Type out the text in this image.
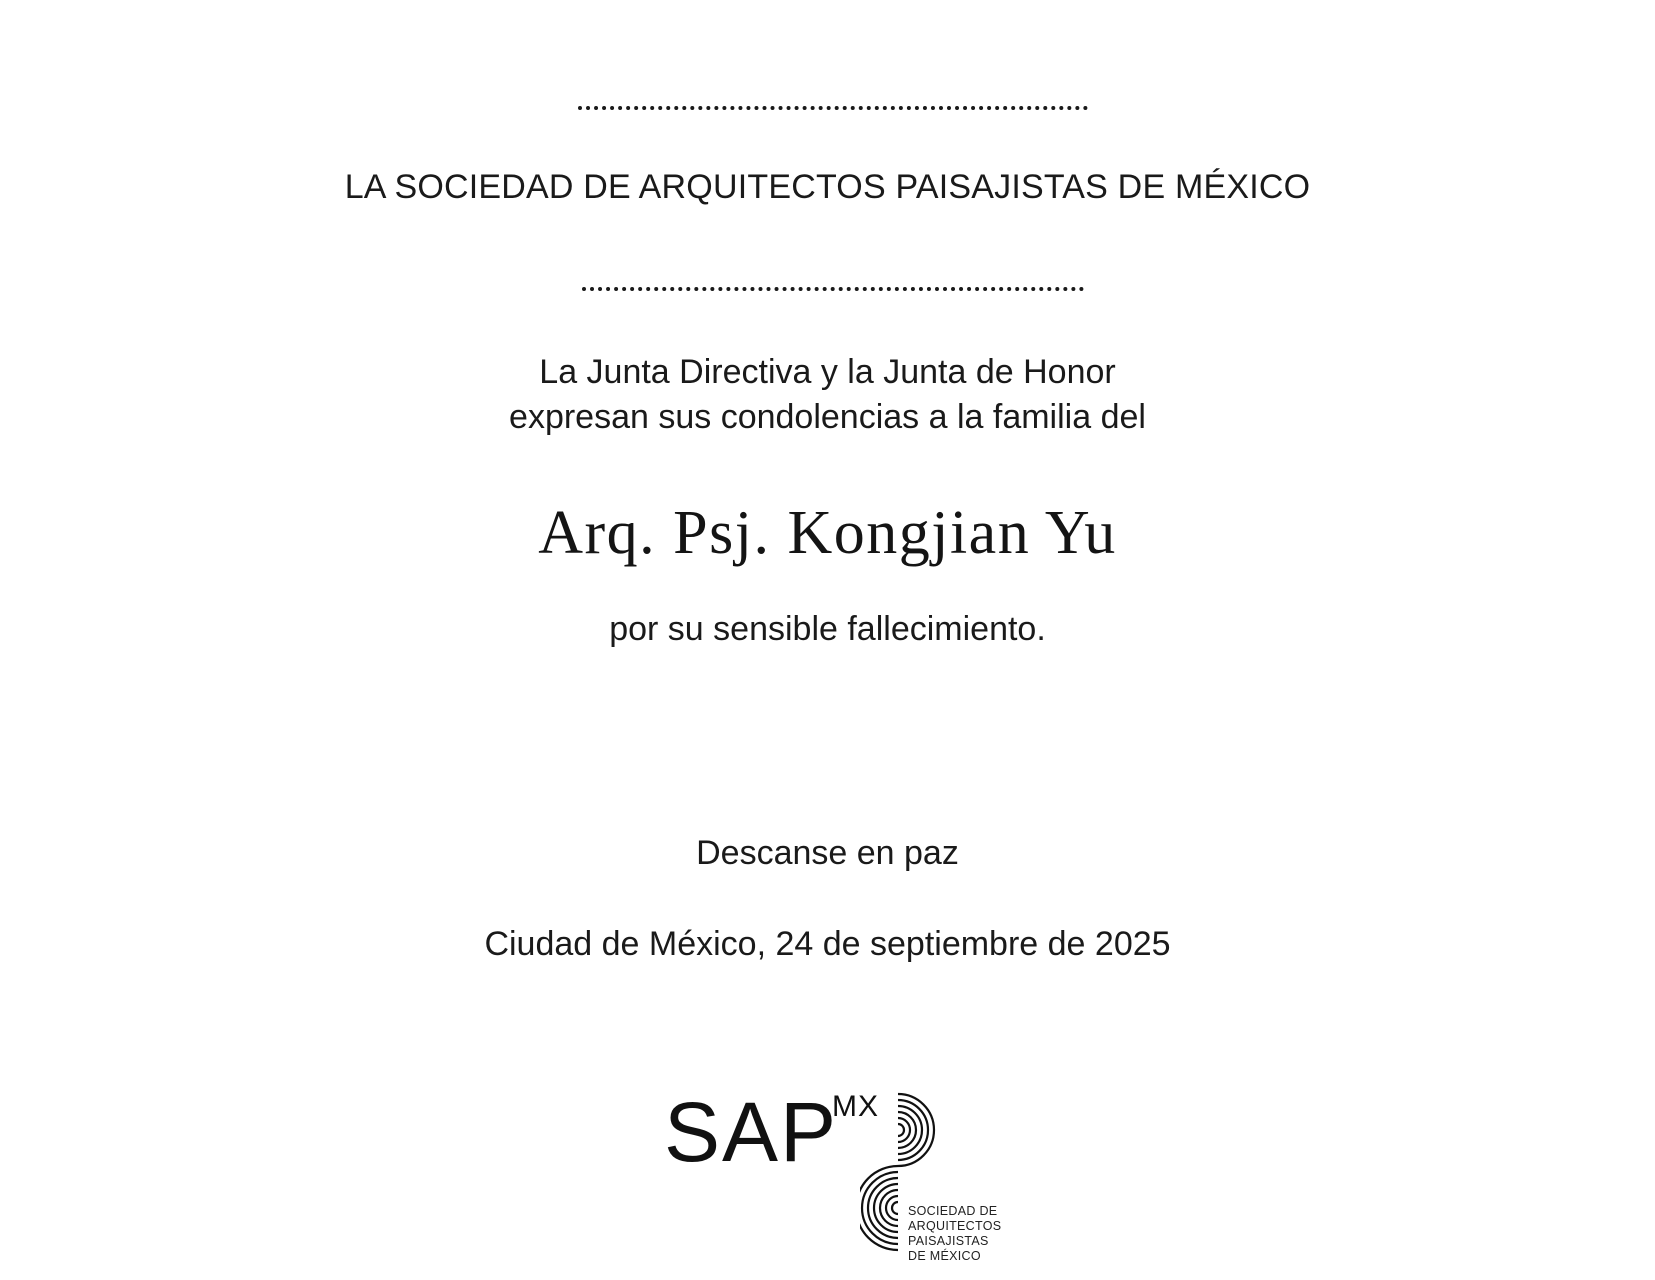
LA SOCIEDAD DE ARQUITECTOS PAISAJISTAS DE MÉXICO
La Junta Directiva y la Junta de Honor
expresan sus condolencias a la familia del
Arq. Psj. Kongjian Yu
por su sensible fallecimiento.
Descanse en paz
Ciudad de México, 24 de septiembre de 2025
SAP
MX
SOCIEDAD DE
ARQUITECTOS
PAISAJISTAS
DE MÉXICO
